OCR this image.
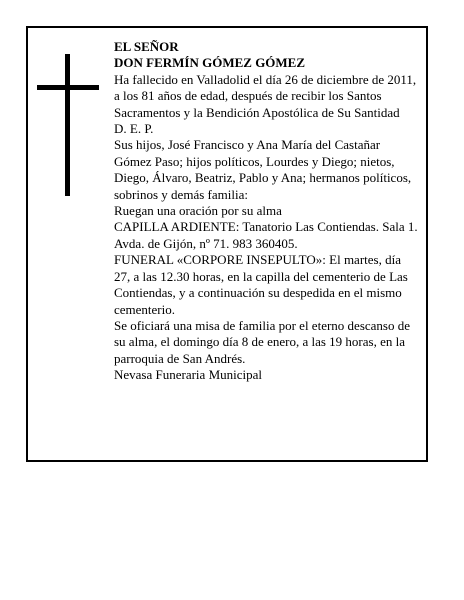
EL SEÑOR

DON FERMÍN GÓMEZ GÓMEZ

Ha fallecido en Valladolid el día 26 de diciembre de 2011, a los 81 años de edad, después de recibir los Santos Sacramentos y la Bendición Apostólica de Su Santidad

D. E. P.

Sus hijos, José Francisco y Ana María del Castañar Gómez Paso; hijos políticos, Lourdes y Diego; nietos, Diego, Álvaro, Beatriz, Pablo y Ana; hermanos políticos, sobrinos y demás familia:

Ruegan una oración por su alma

CAPILLA ARDIENTE: Tanatorio Las Contiendas. Sala 1. Avda. de Gijón, nº 71. 983 360405.

FUNERAL «CORPORE INSEPULTO»: El martes, día 27, a las 12.30 horas, en la capilla del cementerio de Las Contiendas, y a continuación su despedida en el mismo cementerio.

Se oficiará una misa de familia por el eterno descanso de su alma, el domingo día 8 de enero, a las 19 horas, en la parroquia de San Andrés.

Nevasa Funeraria Municipal
